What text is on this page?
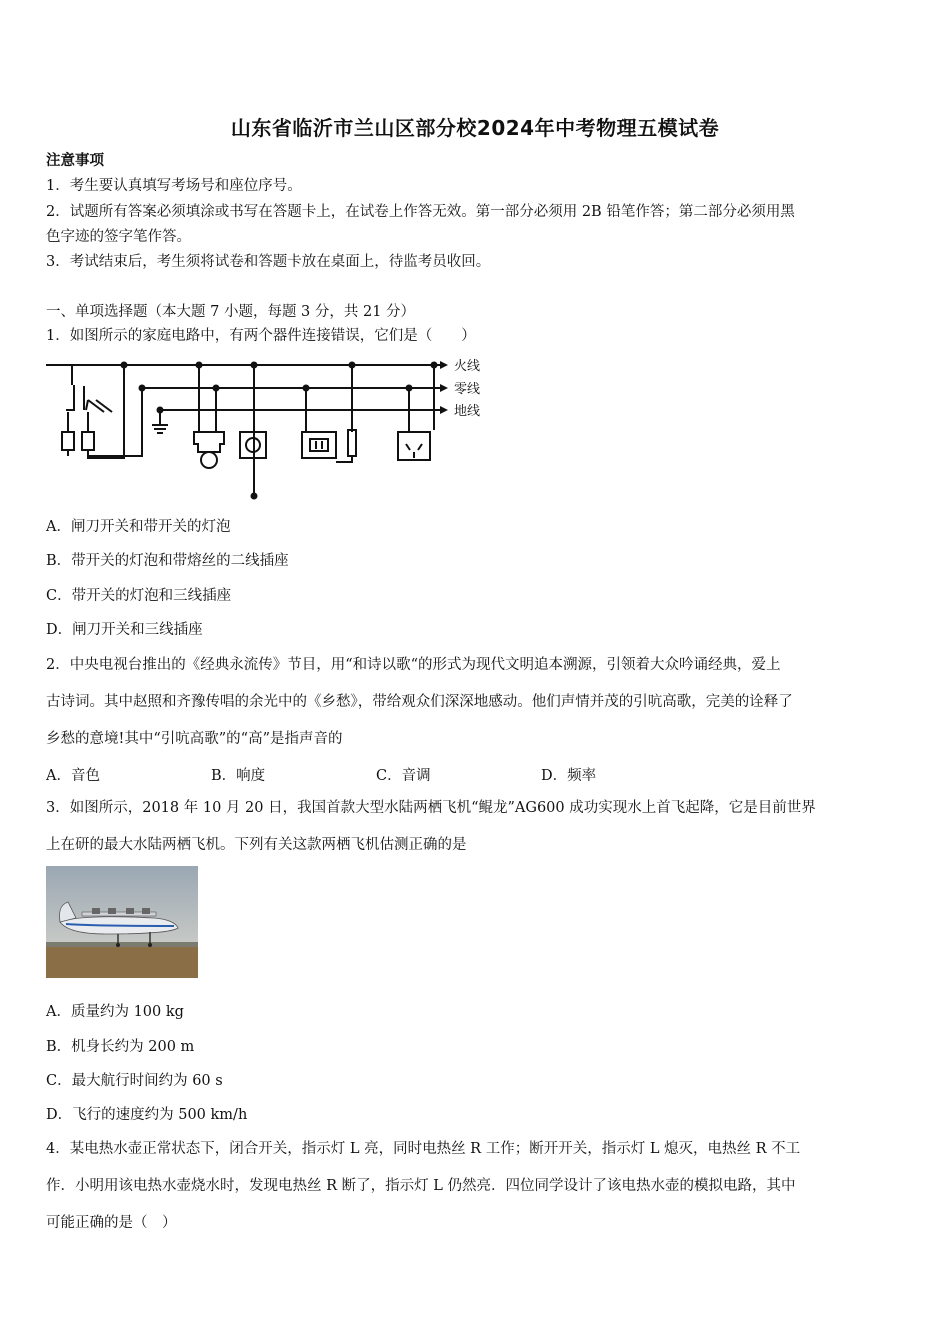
山东省临沂市兰山区部分校2024年中考物理五模试卷
注意事项
1．考生要认真填写考场号和座位序号。
2．试题所有答案必须填涂或书写在答题卡上，在试卷上作答无效。第一部分必须用 2B 铅笔作答；第二部分必须用黑
色字迹的签字笔作答。
3．考试结束后，考生须将试卷和答题卡放在桌面上，待监考员收回。
一、单项选择题（本大题 7 小题，每题 3 分，共 21 分）
1．如图所示的家庭电路中，有两个器件连接错误，它们是（　　）
火线
零线
地线
A．闸刀开关和带开关的灯泡
B．带开关的灯泡和带熔丝的二线插座
C．带开关的灯泡和三线插座
D．闸刀开关和三线插座
2．中央电视台推出的《经典永流传》节目，用“和诗以歌“的形式为现代文明追本溯源，引领着大众吟诵经典，爱上
古诗词。其中赵照和齐豫传唱的余光中的《乡愁》，带给观众们深深地感动。他们声情并茂的引吭高歌，完美的诠释了
乡愁的意境!其中“引吭高歌”的“高”是指声音的
A．音色	B．响度	C．音调	D．频率
3．如图所示，2018 年 10 月 20 日，我国首款大型水陆两栖飞机“鲲龙”AG600 成功实现水上首飞起降，它是目前世界
上在研的最大水陆两栖飞机。下列有关这款两栖飞机估测正确的是
A．质量约为 100 kg
B．机身长约为 200 m
C．最大航行时间约为 60 s
D．飞行的速度约为 500 km/h
4．某电热水壶正常状态下，闭合开关，指示灯 L 亮，同时电热丝 R 工作；断开开关，指示灯 L 熄灭，电热丝 R 不工
作．小明用该电热水壶烧水时，发现电热丝 R 断了，指示灯 L 仍然亮．四位同学设计了该电热水壶的模拟电路，其中
可能正确的是（　）
